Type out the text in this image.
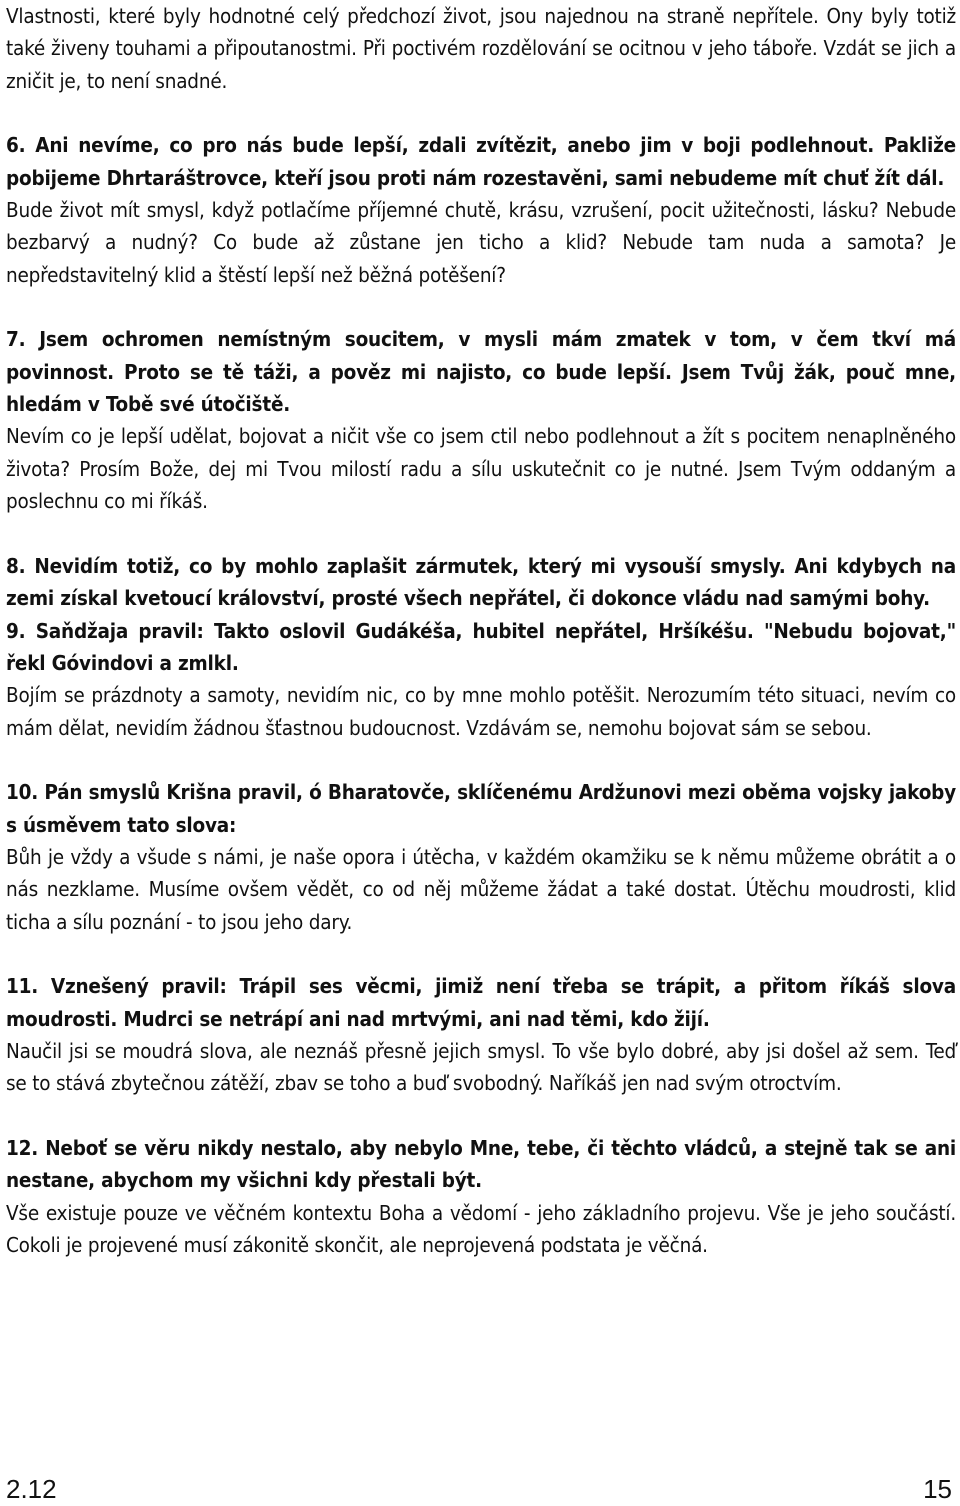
Vlastnosti, které byly hodnotné celý předchozí život, jsou najednou na straně nepřítele. Ony byly totiž také živeny touhami a připoutanostmi. Při poctivém rozdělování se ocitnou v jeho táboře. Vzdát se jich a zničit je, to není snadné.

6. Ani nevíme, co pro nás bude lepší, zdali zvítězit, anebo jim v boji podlehnout. Pakliže pobijeme Dhrtaráštrovce, kteří jsou proti nám rozestavěni, sami nebudeme mít chuť žít dál.

Bude život mít smysl, když potlačíme příjemné chutě, krásu, vzrušení, pocit užitečnosti, lásku? Nebude bezbarvý a nudný? Co bude až zůstane jen ticho a klid? Nebude tam nuda a samota? Je nepředstavitelný klid a štěstí lepší než běžná potěšení?

7. Jsem ochromen nemístným soucitem, v mysli mám zmatek v tom, v čem tkví má povinnost. Proto se tě táži, a pověz mi najisto, co bude lepší. Jsem Tvůj žák, pouč mne, hledám v Tobě své útočiště.

Nevím co je lepší udělat, bojovat a ničit vše co jsem ctil nebo podlehnout a žít s pocitem nenaplněného života? Prosím Bože, dej mi Tvou milostí radu a sílu uskutečnit co je nutné. Jsem Tvým oddaným a poslechnu co mi říkáš.

8. Nevidím totiž, co by mohlo zaplašit zármutek, který mi vysouší smysly. Ani kdybych na zemi získal kvetoucí království, prosté všech nepřátel, či dokonce vládu nad samými bohy.

9. Saňdžaja pravil: Takto oslovil Gudákéša, hubitel nepřátel, Hršíkéšu. "Nebudu bojovat," řekl Góvindovi a zmlkl.

Bojím se prázdnoty a samoty, nevidím nic, co by mne mohlo potěšit. Nerozumím této situaci, nevím co mám dělat, nevidím žádnou šťastnou budoucnost. Vzdávám se, nemohu bojovat sám se sebou.

10. Pán smyslů Krišna pravil, ó Bharatovče, sklíčenému Ardžunovi mezi oběma vojsky jakoby s úsměvem tato slova:

Bůh je vždy a všude s námi, je naše opora i útěcha, v každém okamžiku se k němu můžeme obrátit a o nás nezklame. Musíme ovšem vědět, co od něj můžeme žádat a také dostat. Útěchu moudrosti, klid ticha a sílu poznání - to jsou jeho dary.

11. Vznešený pravil: Trápil ses věcmi, jimiž není třeba se trápit, a přitom říkáš slova moudrosti. Mudrci se netrápí ani nad mrtvými, ani nad těmi, kdo žijí.

Naučil jsi se moudrá slova, ale neznáš přesně jejich smysl. To vše bylo dobré, aby jsi došel až sem. Teď se to stává zbytečnou zátěží, zbav se toho a buď svobodný. Naříkáš jen nad svým otroctvím.

12. Neboť se věru nikdy nestalo, aby nebylo Mne, tebe, či těchto vládců, a stejně tak se ani nestane, abychom my všichni kdy přestali být.

Vše existuje pouze ve věčném kontextu Boha a vědomí - jeho základního projevu. Vše je jeho součástí. Cokoli je projevené musí zákonitě skončit, ale neprojevená podstata je věčná.

2.12	15
